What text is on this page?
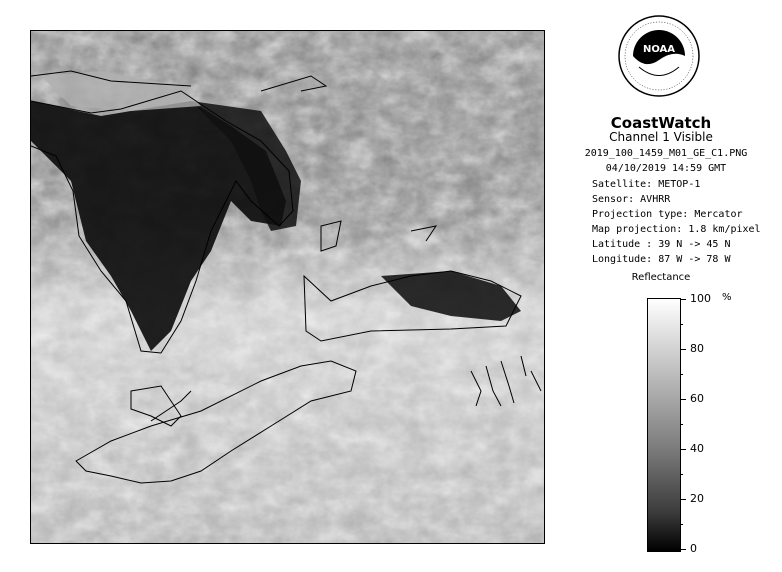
NOAA
CoastWatch
Channel 1 Visible
2019_100_1459_M01_GE_C1.PNG
04/10/2019 14:59 GMT
Satellite: METOP-1
Sensor: AVHRR
Projection type: Mercator
Map projection: 1.8 km/pixel
Latitude : 39 N -> 45 N
Longitude: 87 W -> 78 W
Reflectance
%
100
80
60
40
20
0
